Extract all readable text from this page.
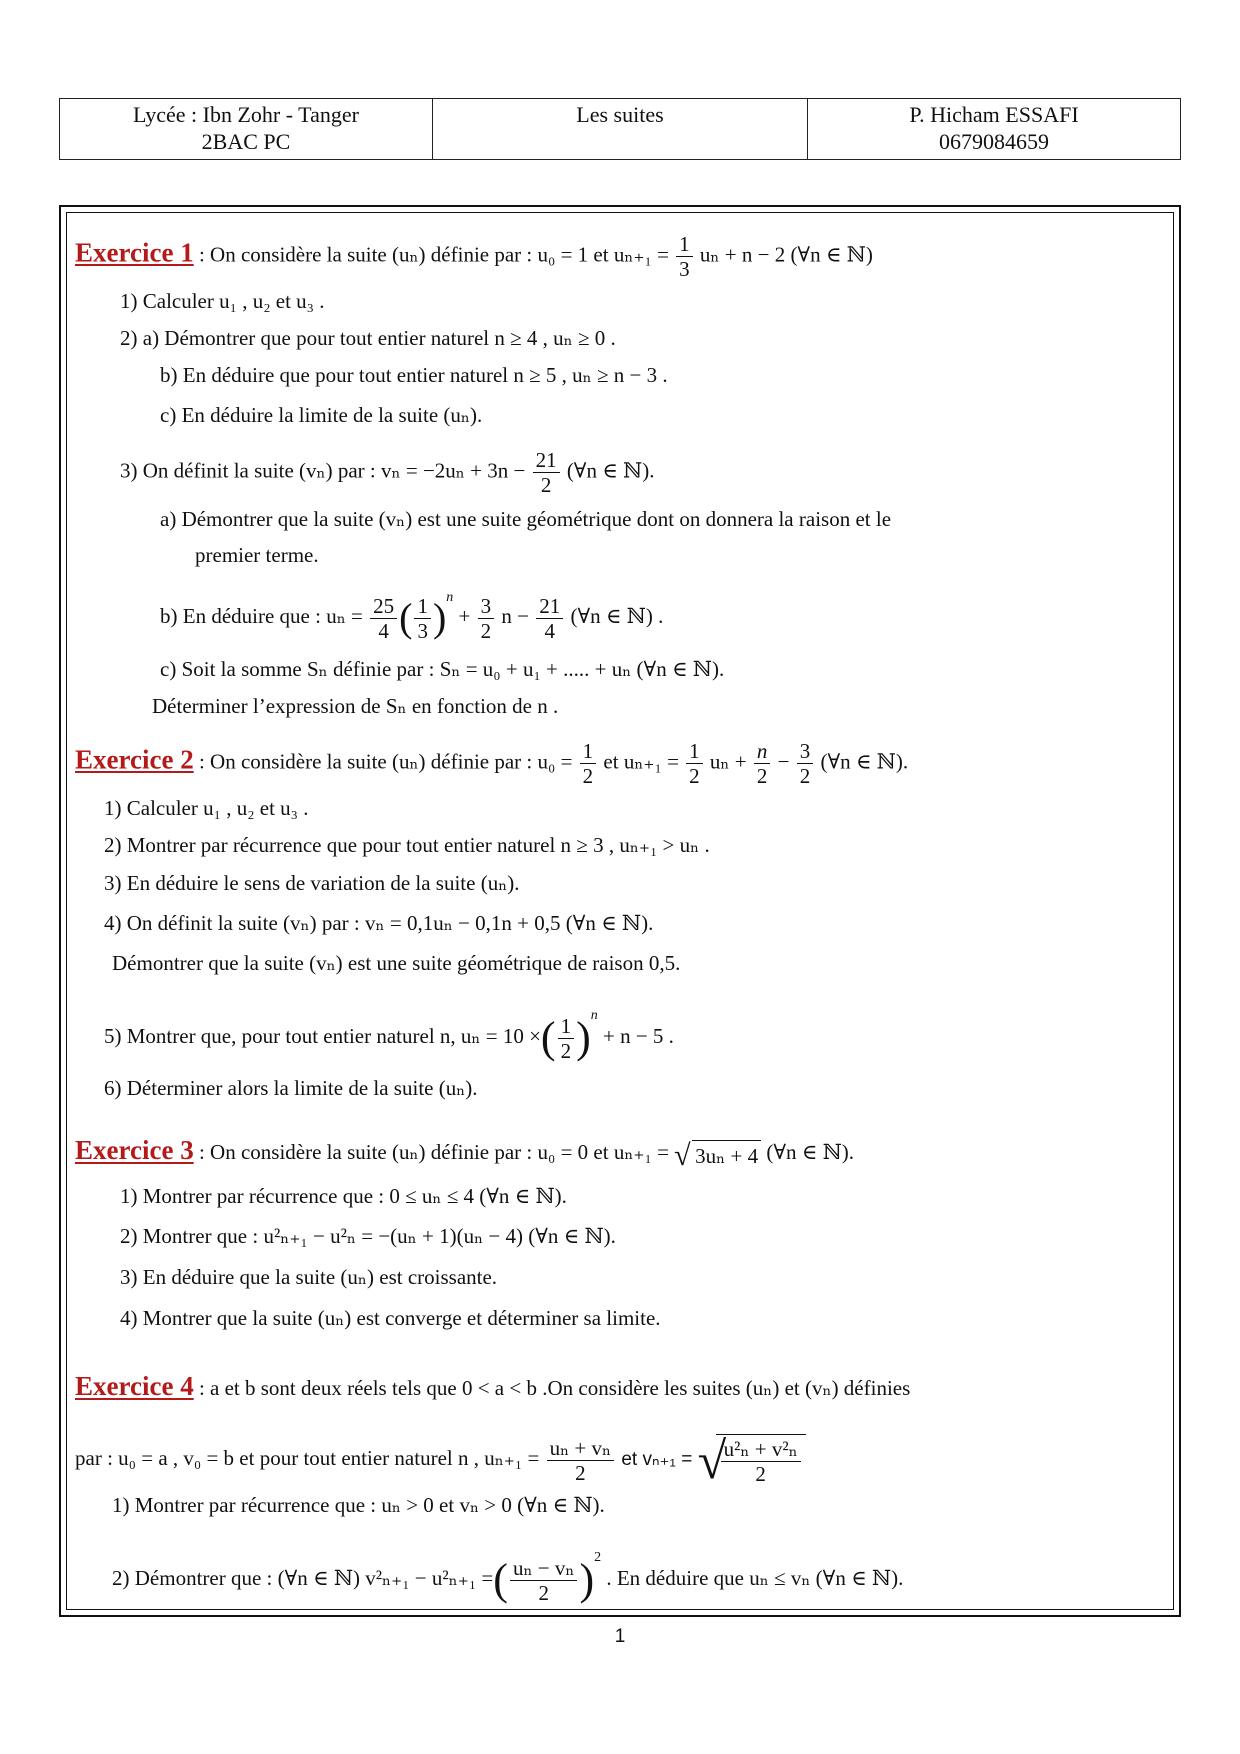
Lycée : Ibn Zohr - Tanger
2BAC PC
Les suites	P. Hicham ESSAFI
0679084659
Exercice 1 : On considère la suite (uₙ) définie par : u₀ = 1 et $u_{n+1} = \frac{1}{3}$ uₙ + n − 2 (∀n ∈ ℕ)
1) Calculer u₁ , u₂ et u₃ .
2) a) Démontrer que pour tout entier naturel n ≥ 4 , uₙ ≥ 0 .
b) En déduire que pour tout entier naturel n ≥ 5 , uₙ ≥ n − 3 .
c) En déduire la limite de la suite (uₙ).
3) On définit la suite (vₙ) par : $v_n = -2u_n + 3n - \frac{21}{2}$ (∀n ∈ ℕ).
a) Démontrer que la suite (vₙ) est une suite géométrique dont on donnera la raison et le
premier terme.
b) En déduire que : $u_n = \frac{25}{4}$ ( $\frac{1}{3} )^n + \frac{3}{2}$ $n - \frac{21}{4}$ (∀n ∈ ℕ) .
c) Soit la somme Sₙ définie par : Sₙ = u₀ + u₁ + ..... + uₙ (∀n ∈ ℕ).
Déterminer l’expression de Sₙ en fonction de n .
Exercice 2 : On considère la suite (uₙ) définie par : $u_0 = \frac{1}{2}$ et $u_{n+1} = \frac{1}{2}$ $u_n + \frac{n}{2} - \frac{3}{2}$ (∀n ∈ ℕ).
1) Calculer u₁ , u₂ et u₃ .
2) Montrer par récurrence que pour tout entier naturel n ≥ 3 , uₙ₊₁ > uₙ .
3) En déduire le sens de variation de la suite (uₙ).
4) On définit la suite (vₙ) par : vₙ = 0,1uₙ − 0,1n + 0,5 (∀n ∈ ℕ).
Démontrer que la suite (vₙ) est une suite géométrique de raison 0,5.
5) Montrer que, pour tout entier naturel n, uₙ = 10 ×( $\frac{1}{2} )^n + n - 5$ .
6) Déterminer alors la limite de la suite (uₙ).
Exercice 3 : On considère la suite (uₙ) définie par : u₀ = 0 et uₙ₊₁ = √ 3uₙ + 4 (∀n ∈ ℕ).
1) Montrer par récurrence que : 0 ≤ uₙ ≤ 4 (∀n ∈ ℕ).
2) Montrer que : u²ₙ₊₁ − u²ₙ = −(uₙ + 1)(uₙ − 4) (∀n ∈ ℕ).
3) En déduire que la suite (uₙ) est croissante.
4) Montrer que la suite (uₙ) est converge et déterminer sa limite.
Exercice 4 : a et b sont deux réels tels que 0 < a < b .On considère les suites (uₙ) et (vₙ) définies
par : u₀ = a , v₀ = b et pour tout entier naturel n , $u_{n+1} = \frac{\text{uₙ + vₙ}}{2}$ et vₙ₊₁ = √
$\frac{\text{u²ₙ + v²ₙ}}{2}$
1) Montrer par récurrence que : uₙ > 0 et vₙ > 0 (∀n ∈ ℕ).
2) Démontrer que : (∀n ∈ ℕ) v²ₙ₊₁ − u²ₙ₊₁ =( $\frac{\text{uₙ − vₙ}}{2} )^2$ . En déduire que uₙ ≤ vₙ (∀n ∈ ℕ).
1
